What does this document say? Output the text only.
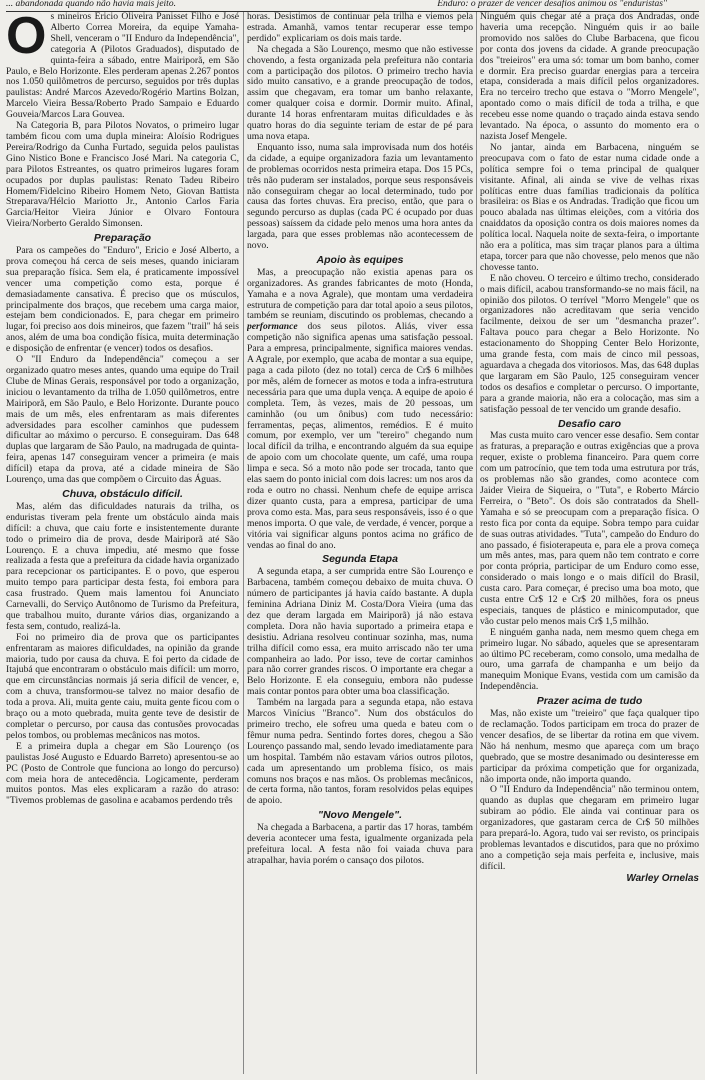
... abandonada quando não havia mais jeito.	Enduro: o prazer de vencer desafios animou os "enduristas"
O s mineiros Ericio Oliveira Panisset Filho e José Alberto Correa Moreira, da equipe Yamaha-Shell, venceram o "II Enduro da Independência", categoria A (Pilotos Graduados), disputado de quinta-feira a sábado, entre Mairiporã, em São Paulo, e Belo Horizonte. Eles perderam apenas 2.267 pontos nos 1.050 quilômetros de percurso, seguidos por três duplas paulistas: André Marcos Azevedo/Rogério Martins Bolzan, Marcelo Vieira Bessa/Roberto Prado Sampaio e Eduardo Gouveia/Marcos Lara Gouvea.

Na Categoria B, para Pilotos Novatos, o primeiro lugar também ficou com uma dupla mineira: Aloísio Rodrigues Pereira/Rodrigo da Cunha Furtado, seguida pelos paulistas Gino Nistico Bone e Francisco José Mari. Na categoria C, para Pilotos Estreantes, os quatro primeiros lugares foram ocupados por duplas paulistas: Renato Tadeu Ribeiro Homem/Fidelcino Ribeiro Homem Neto, Giovan Battista Streparava/Hélcio Mariotto Jr., Antonio Carlos Faria Garcia/Heitor Vieira Júnior e Olvaro Fontoura Vieira/Norberto Geraldo Simonsen.

Preparação

Para os campeões do "Enduro", Ericio e José Alberto, a prova começou há cerca de seis meses, quando iniciaram sua preparação física. Sem ela, é praticamente impossível vencer uma competição como esta, porque é demasiadamente cansativa. É preciso que os músculos, principalmente dos braços, que recebem uma carga maior, estejam bem condicionados. E, para chegar em primeiro lugar, foi preciso aos dois mineiros, que fazem "trail" há seis anos, além de uma boa condição física, muita determinação e disposição de enfrentar (e vencer) todos os desafios.

O "II Enduro da Independência" começou a ser organizado quatro meses antes, quando uma equipe do Trail Clube de Minas Gerais, responsável por todo a organização, iniciou o levantamento da trilha de 1.050 quilômetros, entre Mairiporã, em São Paulo, e Belo Horizonte. Durante pouco mais de um mês, eles enfrentaram as mais diferentes adversidades para escolher caminhos que pudessem dificultar ao máximo o percurso. E conseguiram. Das 648 duplas que largaram de São Paulo, na madrugada de quinta-feira, apenas 147 conseguiram vencer a primeira (e mais difícil) etapa da prova, até a cidade mineira de São Lourenço, uma das que compõem o Circuito das Águas.

Chuva, obstáculo difícil.

Mas, além das dificuldades naturais da trilha, os enduristas tiveram pela frente um obstáculo ainda mais difícil: a chuva, que caiu forte e insistentemente durante todo o primeiro dia de prova, desde Mairiporã até São Lourenço. E a chuva impediu, até mesmo que fosse realizada a festa que a prefeitura da cidade havia organizado para recepcionar os participantes. E o povo, que esperou muito tempo para participar desta festa, foi embora para casa frustrado. Quem mais lamentou foi Anunciato Carnevalli, do Serviço Autônomo de Turismo da Prefeitura, que trabalhou muito, durante vários dias, organizando a festa sem, contudo, realizá-la.

Foi no primeiro dia de prova que os participantes enfrentaram as maiores dificuldades, na opinião da grande maioria, tudo por causa da chuva. E foi perto da cidade de Itajubá que encontraram o obstáculo mais difícil: um morro, que em circunstâncias normais já seria difícil de vencer, e, com a chuva, transformou-se talvez no maior desafio de toda a prova. Ali, muita gente caiu, muita gente ficou com o braço ou a moto quebrada, muita gente teve de desistir de completar o percurso, por causa das contusões provocadas pelos tombos, ou problemas mecânicos nas motos.

E a primeira dupla a chegar em São Lourenço (os paulistas José Augusto e Eduardo Barreto) apresentou-se ao PC (Posto de Controle que funciona ao longo do percurso) com meia hora de antecedência. Logicamente, perderam muitos pontos. Mas eles explicaram a razão do atraso: "Tivemos problemas de gasolina e acabamos perdendo três

horas. Desistimos de continuar pela trilha e viemos pela estrada. Amanhã, vamos tentar recuperar esse tempo perdido" explicariam os dois mais tarde.

Na chegada a São Lourenço, mesmo que não estivesse chovendo, a festa organizada pela prefeitura não contaria com a participação dos pilotos. O primeiro trecho havia sido muito cansativo, e a grande preocupação de todos, assim que chegavam, era tomar um banho relaxante, comer qualquer coisa e dormir. Dormir muito. Afinal, durante 14 horas enfrentaram muitas dificuldades e às quatro horas do dia seguinte teriam de estar de pé para uma nova etapa.

Enquanto isso, numa sala improvisada num dos hotéis da cidade, a equipe organizadora fazia um levantamento de problemas ocorridos nesta primeira etapa. Dos 15 PCs, três não puderam ser instalados, porque seus responsáveis não conseguiram chegar ao local determinado, tudo por causa das fortes chuvas. Era preciso, então, que para o segundo percurso as duplas (cada PC é ocupado por duas pessoas) saíssem da cidade pelo menos uma hora antes da largada, para que esses problemas não acontecessem de novo.

Apoio às equipes

Mas, a preocupação não existia apenas para os organizadores. As grandes fabricantes de moto (Honda, Yamaha e a nova Agrale), que montam uma verdadeira estrutura de competição para dar total apoio a seus pilotos, também se reuniam, discutindo os problemas, checando a performance dos seus pilotos. Aliás, viver essa competição não significa apenas uma satisfação pessoal. Para a empresa, principalmente, significa maiores vendas. A Agrale, por exemplo, que acaba de montar a sua equipe, paga a cada piloto (dez no total) cerca de Cr$ 6 milhões por mês, além de fornecer as motos e toda a infra-estrutura necessária para que uma dupla vença. A equipe de apoio é completa. Tem, às vezes, mais de 20 pessoas, um caminhão (ou um ônibus) com tudo necessário: ferramentas, peças, alimentos, remédios. E é muito comum, por exemplo, ver um "tereiro" chegando num local difícil da trilha, e encontrando alguém da sua equipe de apoio com um chocolate quente, um café, uma roupa limpa e seca. Só a moto não pode ser trocada, tanto que elas saem do ponto inicial com dois lacres: um nos aros da roda e outro no chassi. Nenhum chefe de equipe arrisca dizer quanto custa, para a empresa, participar de uma prova como esta. Mas, para seus responsáveis, isso é o que menos importa. O que vale, de verdade, é vencer, porque a vitória vai significar alguns pontos acima no gráfico de vendas ao final do ano.

Segunda Etapa

A segunda etapa, a ser cumprida entre São Lourenço e Barbacena, também começou debaixo de muita chuva. O número de participantes já havia caído bastante. A dupla feminina Adriana Diniz M. Costa/Dora Vieira (uma das dez que deram largada em Mairiporã) já não estava completa. Dora não havia suportado a primeira etapa e desistiu. Adriana resolveu continuar sozinha, mas, numa trilha difícil como essa, era muito arriscado não ter uma companheira ao lado. Por isso, teve de cortar caminhos para não correr grandes riscos. O importante era chegar a Belo Horizonte. E ela conseguiu, embora não pudesse mais contar pontos para obter uma boa classificação.

Também na largada para a segunda etapa, não estava Marcos Vinícius "Branco". Num dos obstáculos do primeiro trecho, ele sofreu uma queda e bateu com o fêmur numa pedra. Sentindo fortes dores, chegou a São Lourenço passando mal, sendo levado imediatamente para um hospital. Também não estavam vários outros pilotos, cada um apresentando um problema físico, os mais comuns nos braços e nas mãos. Os problemas mecânicos, de certa forma, não tantos, foram resolvidos pelas equipes de apoio.

"Novo Mengele".

Na chegada a Barbacena, a partir das 17 horas, também deveria acontecer uma festa, igualmente organizada pela prefeitura local. A festa não foi vaiada chuva para atrapalhar, havia porém o cansaço dos pilotos.

Ninguém quis chegar até a praça dos Andradas, onde haveria uma recepção. Ninguém quis ir ao baile promovido nos salões do Clube Barbacena, que ficou por conta dos jovens da cidade. A grande preocupação dos "treieiros" era uma só: tomar um bom banho, comer e dormir. Era preciso guardar energias para a terceira etapa, considerada a mais difícil pelos organizadores. Era no terceiro trecho que estava o "Morro Mengele", apontado como o mais difícil de toda a trilha, e que recebeu esse nome quando o traçado ainda estava sendo levantado. Na época, o assunto do momento era o nazista Josef Mengele.

No jantar, ainda em Barbacena, ninguém se preocupava com o fato de estar numa cidade onde a política sempre foi o tema principal de qualquer visitante. Afinal, ali ainda se vive de velhas rixas políticas entre duas famílias tradicionais da política brasileira: os Bias e os Andradas. Tradição que ficou um pouco abalada nas últimas eleições, com a vitória dos cnaiddatos da oposição contra os dois maiores nomes da política local. Naquela noite de sexta-feira, o importante não era a política, mas sim traçar planos para a última etapa, torcer para que não chovesse, pelo menos que não chovesse tanto.

E não choveu. O terceiro e último trecho, considerado o mais difícil, acabou transformando-se no mais fácil, na opinião dos pilotos. O terrível "Morro Mengele" que os organizadores não acreditavam que seria vencido facilmente, deixou de ser um "desmancha prazer". Faltava pouco para chegar a Belo Horizonte. No estacionamento do Shopping Center Belo Horizonte, uma grande festa, com mais de cinco mil pessoas, aguardava a chegada dos vitoriosos. Mas, das 648 duplas que largaram em São Paulo, 125 conseguiram vencer todos os desafios e completar o percurso. O importante, para a grande maioria, não era a colocação, mas sim a satisfação pessoal de ter vencido um grande desafio.

Desafio caro

Mas custa muito caro vencer esse desafio. Sem contar as fraturas, a preparação e outras exigências que a prova requer, existe o problema financeiro. Para quem corre com um patrocínio, que tem toda uma estrutura por trás, os problemas não são grandes, como acontece com Jaider Vieira de Siqueira, o "Tuta", e Roberto Márcio Ferreira, o "Beto". Os dois são contratados da Shell-Yamaha e só se preocupam com a preparação física. O resto fica por conta da equipe. Sobra tempo para cuidar de suas outras atividades. "Tuta", campeão do Enduro do ano passado, é fisioterapeuta e, para ele a prova começa um mês antes, mas, para quem não tem contrato e corre por conta própria, participar de um Enduro como esse, considerado o mais longo e o mais difícil do Brasil, custa caro. Para começar, é preciso uma boa moto, que custa entre Cr$ 12 e Cr$ 20 milhões, fora os pneus especiais, tanques de plástico e minicomputador, que vão custar pelo menos mais Cr$ 1,5 milhão.

E ninguém ganha nada, nem mesmo quem chega em primeiro lugar. No sábado, aqueles que se apresentaram ao último PC receberam, como consolo, uma medalha de ouro, uma garrafa de champanha e um beijo da manequim Monique Evans, vestida com um camisão da Independência.

Prazer acima de tudo

Mas, não existe um "treieiro" que faça qualquer tipo de reclamação. Todos participam em troca do prazer de vencer desafios, de se libertar da rotina em que vivem. Não há nenhum, mesmo que apareça com um braço quebrado, que se mostre desanimado ou desinteresse em participar da próxima competição que for organizada, não importa onde, não importa quando.

O "II Enduro da Independência" não terminou ontem, quando as duplas que chegaram em primeiro lugar subiram ao pódio. Ele ainda vai continuar para os organizadores, que gastaram cerca de Cr$ 50 milhões para prepará-lo. Agora, tudo vai ser revisto, os principais problemas levantados e discutidos, para que no próximo ano a competição seja mais perfeita e, inclusive, mais difícil.

Warley Ornelas
